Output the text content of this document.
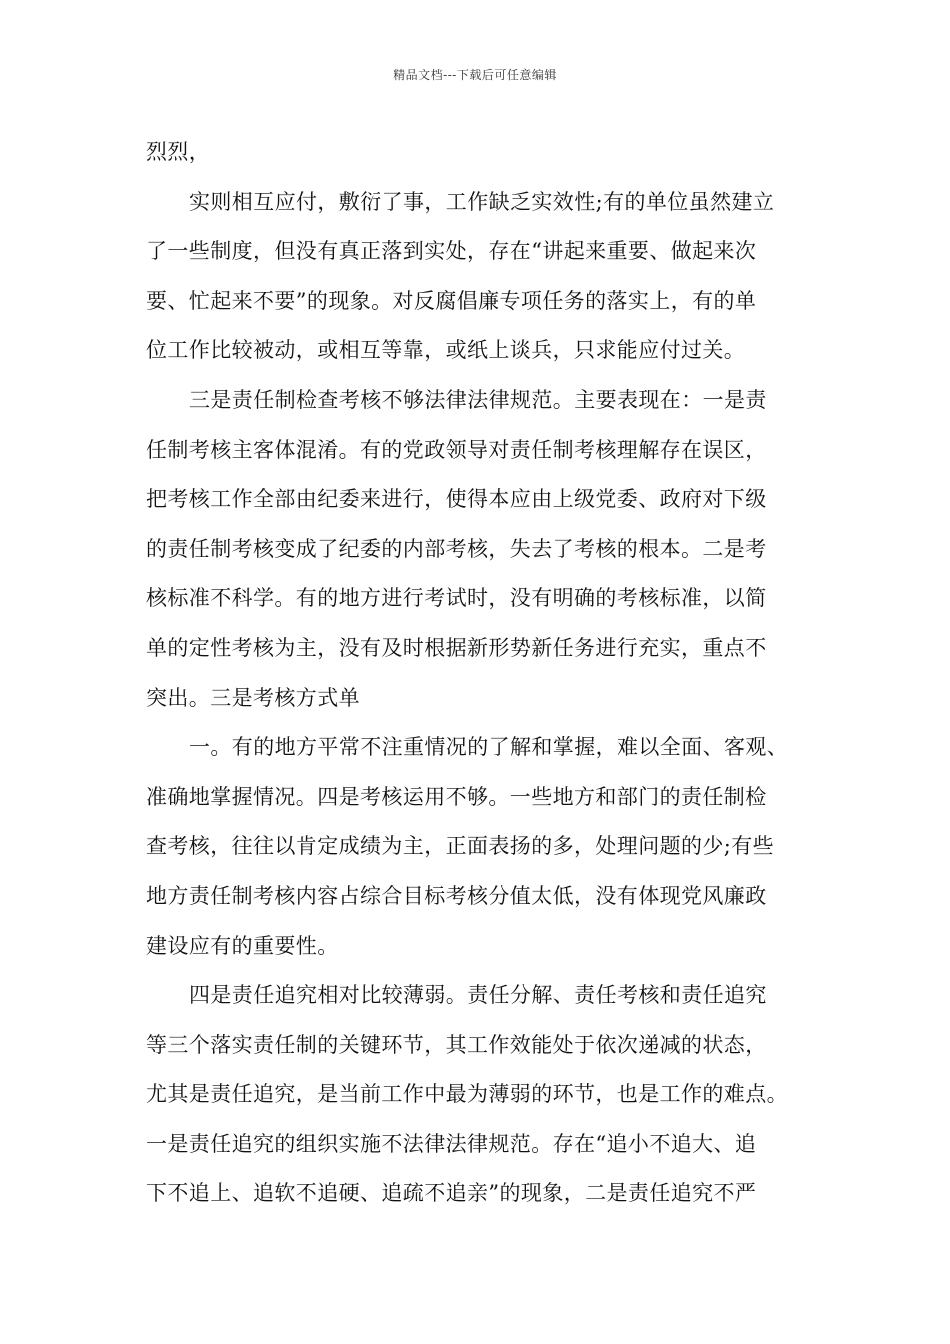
精品文档---下载后可任意编辑
烈烈，
实则相互应付，敷衍了事，工作缺乏实效性;有的单位虽然建立
了一些制度，但没有真正落到实处，存在“讲起来重要、做起来次
要、忙起来不要”的现象。对反腐倡廉专项任务的落实上，有的单
位工作比较被动，或相互等靠，或纸上谈兵，只求能应付过关。
三是责任制检查考核不够法律法律规范。主要表现在：一是责
任制考核主客体混淆。有的党政领导对责任制考核理解存在误区，
把考核工作全部由纪委来进行，使得本应由上级党委、政府对下级
的责任制考核变成了纪委的内部考核，失去了考核的根本。二是考
核标准不科学。有的地方进行考试时，没有明确的考核标准，以简
单的定性考核为主，没有及时根据新形势新任务进行充实，重点不
突出。三是考核方式单
一。有的地方平常不注重情况的了解和掌握，难以全面、客观、
准确地掌握情况。四是考核运用不够。一些地方和部门的责任制检
查考核，往往以肯定成绩为主，正面表扬的多，处理问题的少;有些
地方责任制考核内容占综合目标考核分值太低，没有体现党风廉政
建设应有的重要性。
四是责任追究相对比较薄弱。责任分解、责任考核和责任追究
等三个落实责任制的关键环节，其工作效能处于依次递减的状态，
尤其是责任追究，是当前工作中最为薄弱的环节，也是工作的难点。
一是责任追究的组织实施不法律法律规范。存在“追小不追大、追
下不追上、追软不追硬、追疏不追亲”的现象，二是责任追究不严
